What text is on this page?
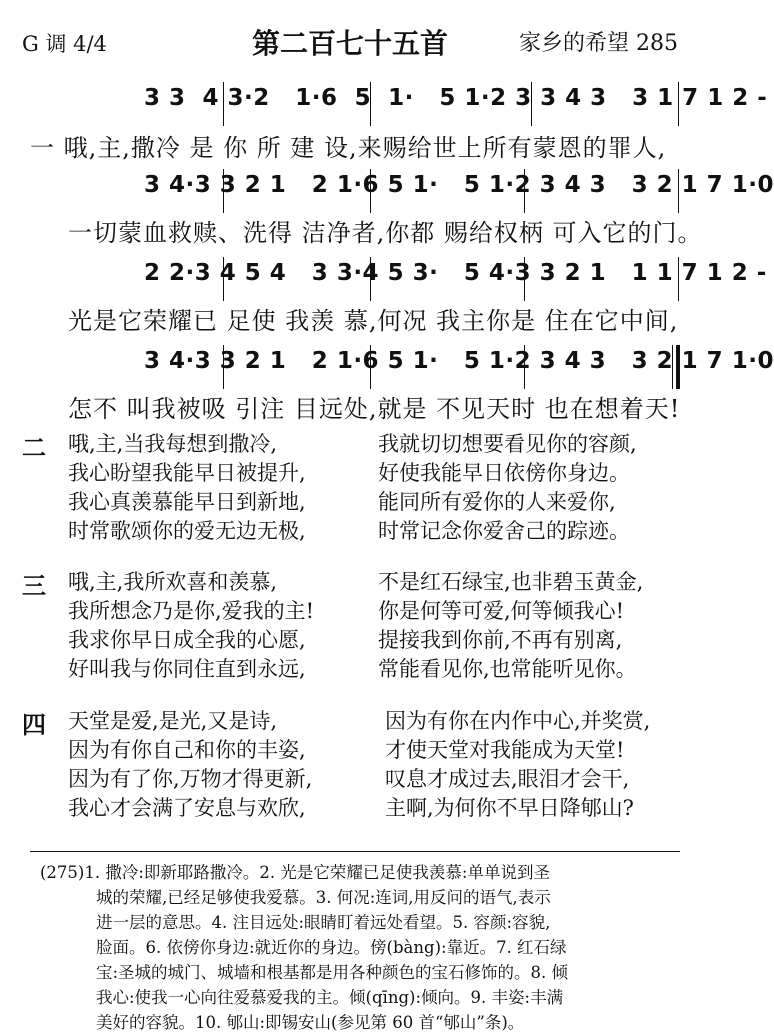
G 调 4/4	第二百七十五首	家乡的希望 285
3 3  4 3·2   1·6  5  1·   5 1·2 3 3 4 3   3 1 7 1 2 -
一 哦,主,撒冷 是 你 所 建 设,来赐给世上所有蒙恩的罪人,
3 4·3 3 2 1   2 1·6 5 1·   5 1·2 3 4 3   3 2 1 7 1·0
一切蒙血救赎、洗得 洁净者,你都 赐给权柄 可入它的门。
2 2·3 4 5 4   3 3·4 5 3·   5 4·3 3 2 1   1 1 7 1 2 -
光是它荣耀已 足使 我羡 慕,何况 我主你是 住在它中间,
3 4·3 3 2 1   2 1·6 5 1·   5 1·2 3 4 3   3 2 1 7 1·0
怎不 叫我被吸 引注 目远处,就是 不见天时 也在想着天!
二 哦,主,当我每想到撒冷,
我心盼望我能早日被提升,
我心真羡慕能早日到新地,
时常歌颂你的爱无边无极,
我就切切想要看见你的容颜,
好使我能早日依傍你身边。
能同所有爱你的人来爱你,
时常记念你爱舍己的踪迹。
三 哦,主,我所欢喜和羡慕,
我所想念乃是你,爱我的主!
我求你早日成全我的心愿,
好叫我与你同住直到永远,
不是红石绿宝,也非碧玉黄金,
你是何等可爱,何等倾我心!
提接我到你前,不再有别离,
常能看见你,也常能听见你。
四 天堂是爱,是光,又是诗,
因为有你自己和你的丰姿,
因为有了你,万物才得更新,
我心才会满了安息与欢欣,
因为有你在内作中心,并奖赏,
才使天堂对我能成为天堂!
叹息才成过去,眼泪才会干,
主啊,为何你不早日降郇山?

(275)1. 撒冷:即新耶路撒冷。2. 光是它荣耀已足使我羡慕:单单说到圣

城的荣耀,已经足够使我爱慕。3. 何况:连词,用反问的语气,表示

进一层的意思。4. 注目远处:眼睛盯着远处看望。5. 容颜:容貌,

脸面。6. 依傍你身边:就近你的身边。傍(bàng):靠近。7. 红石绿

宝:圣城的城门、城墙和根基都是用各种颜色的宝石修饰的。8. 倾

我心:使我一心向往爱慕爱我的主。倾(qīng):倾向。9. 丰姿:丰满

美好的容貌。10. 郇山:即锡安山(参见第 60 首“郇山”条)。
